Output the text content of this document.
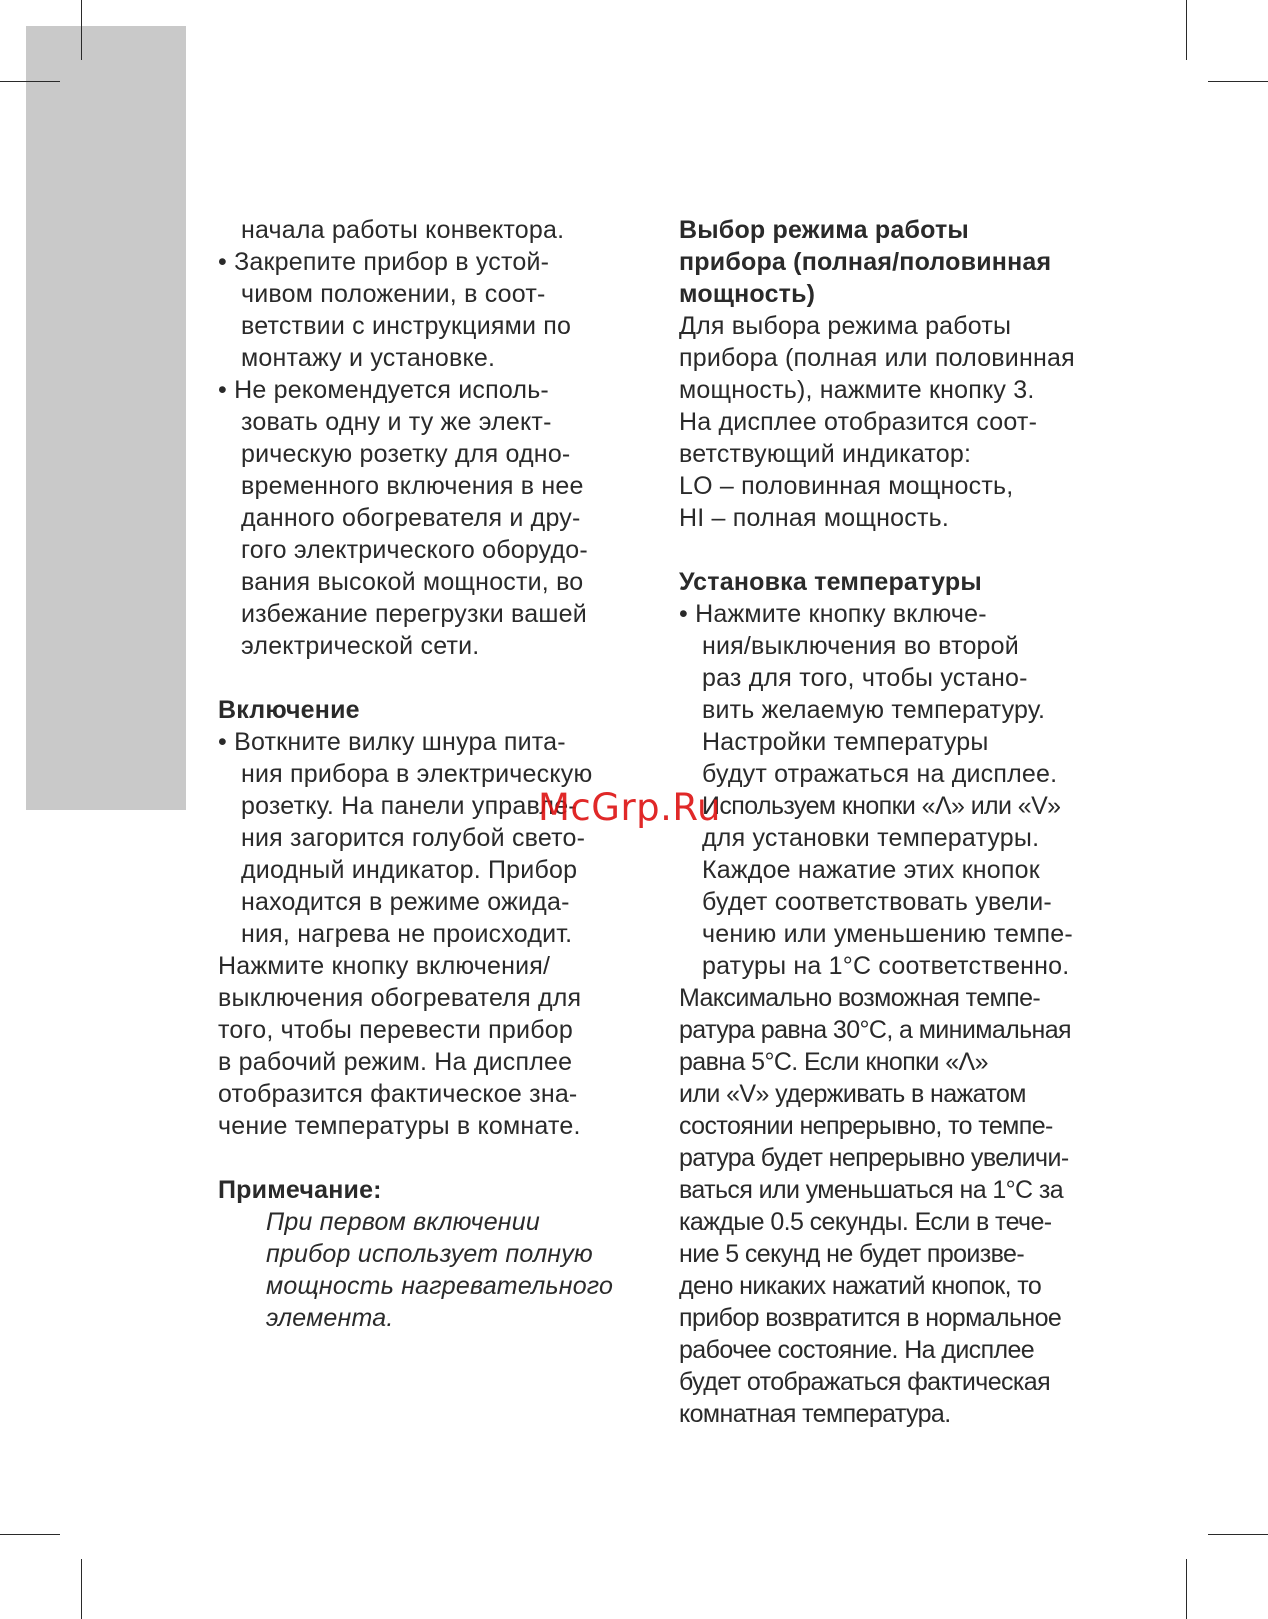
начала работы конвектора.
• Закрепите прибор в устой-
чивом положении, в соот-
ветствии с инструкциями по
монтажу и установке.
• Не рекомендуется исполь-
зовать одну и ту же элект-
рическую розетку для одно-
временного включения в нее
данного обогревателя и дру-
гого электрического оборудо-
вания высокой мощности, во
избежание перегрузки вашей
электрической сети.
Включение
• Воткните вилку шнура пита-
ния прибора в электрическую
розетку. На панели управле-
ния загорится голубой свето-
диодный индикатор. Прибор
находится в режиме ожида-
ния, нагрева не происходит.
Нажмите кнопку включения/
выключения обогревателя для
того, чтобы перевести прибор
в рабочий режим. На дисплее
отобразится фактическое зна-
чение температуры в комнате.
Примечание:
При первом включении
прибор использует полную
мощность нагревательного
элемента.
Выбор режима работы
прибора (полная/половинная
мощность)
Для выбора режима работы
прибора (полная или половинная
мощность), нажмите кнопку 3.
На дисплее отобразится соот-
ветствующий индикатор:
LO – половинная мощность,
HI – полная мощность.
Установка температуры
• Нажмите кнопку включе-
ния/выключения во второй
раз для того, чтобы устано-
вить желаемую температуру.
Настройки температуры
будут отражаться на дисплее.
Используем кнопки «Λ» или «V»
для установки температуры.
Каждое нажатие этих кнопок
будет соответствовать увели-
чению или уменьшению темпе-
ратуры на 1°С соответственно.
Максимально возможная темпе-
ратура равна 30°С, а минимальная
равна 5°С. Если кнопки «Λ»
или «V» удерживать в нажатом
состоянии непрерывно, то темпе-
ратура будет непрерывно увеличи-
ваться или уменьшаться на 1°С за
каждые 0.5 секунды. Если в тече-
ние 5 секунд не будет произве-
дено никаких нажатий кнопок, то
прибор возвратится в нормальное
рабочее состояние. На дисплее
будет отображаться фактическая
комнатная температура.
McGrp.Ru
